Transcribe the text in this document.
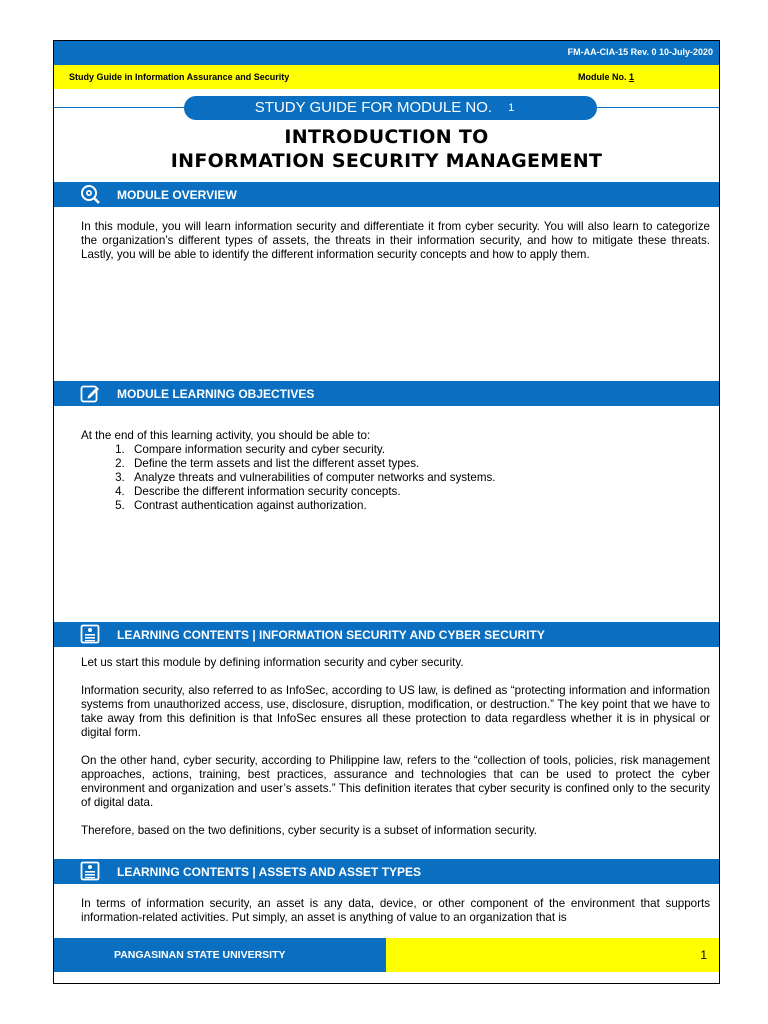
FM-AA-CIA-15 Rev. 0 10-July-2020
Study Guide in Information Assurance and Security	Module No. 1
STUDY GUIDE FOR MODULE NO. 1
INTRODUCTION TO
INFORMATION SECURITY MANAGEMENT
MODULE OVERVIEW

In this module, you will learn information security and differentiate it from cyber security. You will also learn to categorize the organization’s different types of assets, the threats in their information security, and how to mitigate these threats. Lastly, you will be able to identify the different information security concepts and how to apply them.

MODULE LEARNING OBJECTIVES

At the end of this learning activity, you should be able to:

1. Compare information security and cyber security.
2. Define the term assets and list the different asset types.
3. Analyze threats and vulnerabilities of computer networks and systems.
4. Describe the different information security concepts.
5. Contrast authentication against authorization.
LEARNING CONTENTS | INFORMATION SECURITY AND CYBER SECURITY

Let us start this module by defining information security and cyber security.

Information security, also referred to as InfoSec, according to US law, is defined as “protecting information and information systems from unauthorized access, use, disclosure, disruption, modification, or destruction.” The key point that we have to take away from this definition is that InfoSec ensures all these protection to data regardless whether it is in physical or digital form.

On the other hand, cyber security, according to Philippine law, refers to the “collection of tools, policies, risk management approaches, actions, training, best practices, assurance and technologies that can be used to protect the cyber environment and organization and user’s assets.” This definition iterates that cyber security is confined only to the security of digital data.

Therefore, based on the two definitions, cyber security is a subset of information security.

LEARNING CONTENTS | ASSETS AND ASSET TYPES

In terms of information security, an asset is any data, device, or other component of the environment that supports information-related activities. Put simply, an asset is anything of value to an organization that is

PANGASINAN STATE UNIVERSITY	1
